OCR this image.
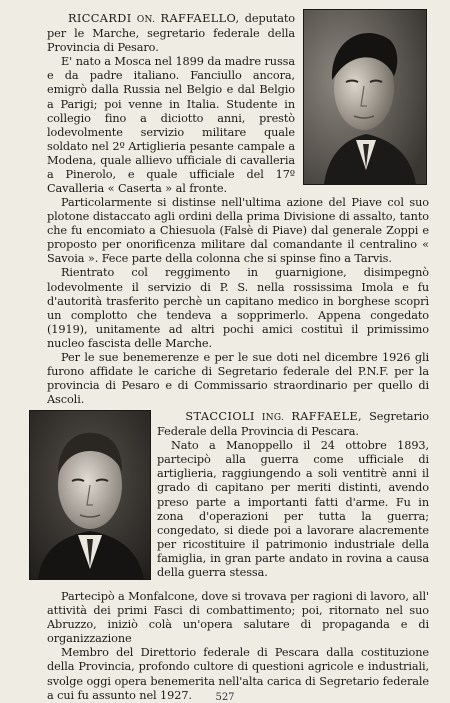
RICCARDI ON. RAFFAELLO, deputato per le Marche, segretario federale della Provincia di Pesaro.

E' nato a Mosca nel 1899 da madre russa e da padre italiano. Fanciullo ancora, emigrò dalla Russia nel Belgio e dal Belgio a Parigi; poi venne in Italia. Studente in collegio fino a diciotto anni, prestò lodevolmente servizio militare quale soldato nel 2º Artiglieria pesante campale a Modena, quale allievo ufficiale di cavalleria a Pinerolo, e quale ufficiale del 17º Cavalleria « Caserta » al fronte.

Particolarmente si distinse nell'ultima azione del Piave col suo plotone distaccato agli ordini della prima Divisione di assalto, tanto che fu encomiato a Chiesuola (Falsè di Piave) dal generale Zoppi e proposto per onorificenza militare dal comandante il centralino « Savoia ». Fece parte della colonna che si spinse fino a Tarvis.

Rientrato col reggimento in guarnigione, disimpegnò lodevolmente il servizio di P. S. nella rossissima Imola e fu d'autorità trasferito perchè un capitano medico in borghese scoprì un complotto che tendeva a sopprimerlo. Appena congedato (1919), unitamente ad altri pochi amici costituì il primissimo nucleo fascista delle Marche.

Per le sue benemerenze e per le sue doti nel dicembre 1926 gli furono affidate le cariche di Segretario federale del P.N.F. per la provincia di Pesaro e di Commissario straordinario per quello di Ascoli.

STACCIOLI ING. RAFFAELE, Segretario Federale della Provincia di Pescara.

Nato a Manoppello il 24 ottobre 1893, partecipò alla guerra come ufficiale di artiglieria, raggiungendo a soli ventitrè anni il grado di capitano per meriti distinti, avendo preso parte a importanti fatti d'arme. Fu in zona d'operazioni per tutta la guerra; congedato, si diede poi a lavorare alacremente per ricostituire il patrimonio industriale della famiglia, in gran parte andato in rovina a causa della guerra stessa.

Partecipò a Monfalcone, dove si trovava per ragioni di lavoro, all' attività dei primi Fasci di combattimento; poi, ritornato nel suo Abruzzo, iniziò colà un'opera salutare di propaganda e di organizzazione

Membro del Direttorio federale di Pescara dalla costituzione della Provincia, profondo cultore di questioni agricole e industriali, svolge oggi opera benemerita nell'alta carica di Segretario federale a cui fu assunto nel 1927.	527
